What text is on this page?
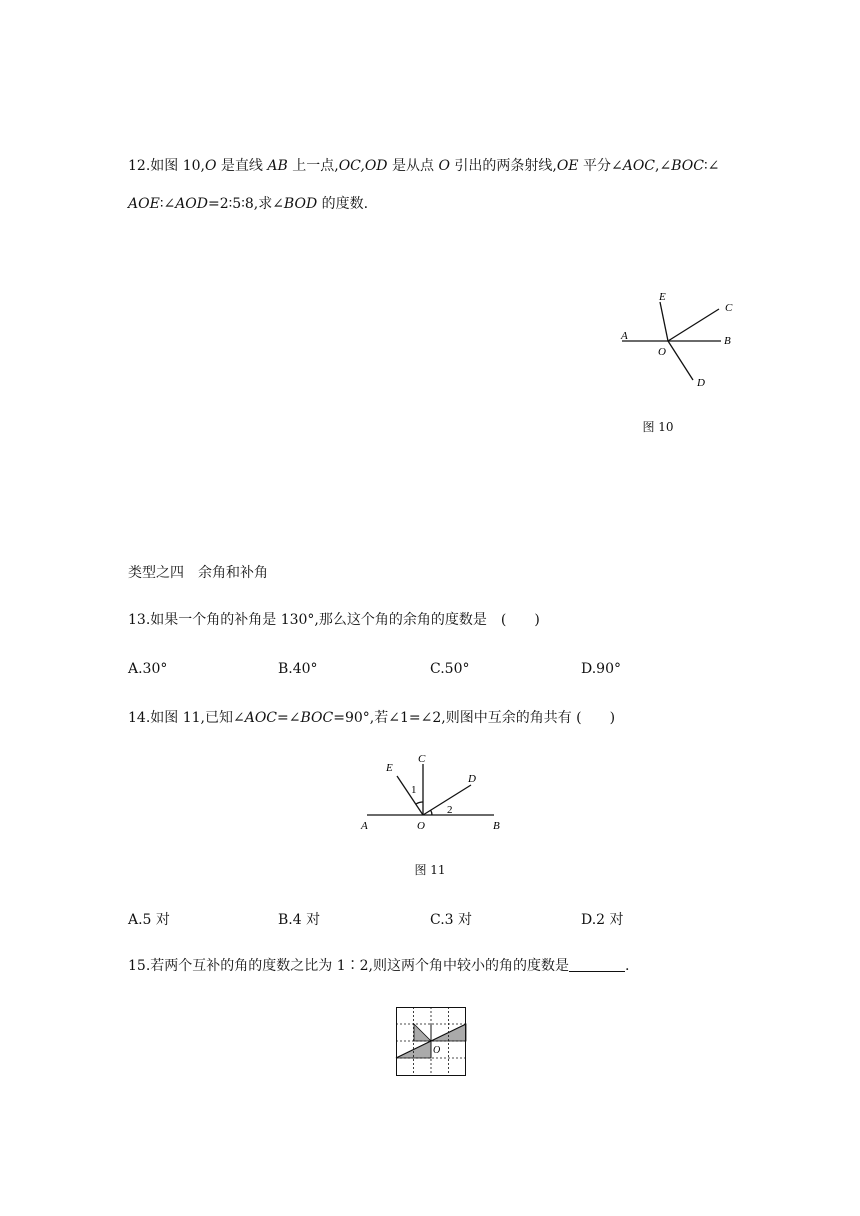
12.如图 10,O 是直线 AB 上一点,OC,OD 是从点 O 引出的两条射线,OE 平分∠AOC,∠BOC∶∠
AOE∶∠AOD=2∶5∶8,求∠BOD 的度数.
A	B
C
D
E
O
图 10
类型之四　余角和补角
13.如果一个角的补角是 130°,那么这个角的余角的度数是　(　　)
A.30°	B.40°	C.50°	D.90°
14.如图 11,已知∠AOC=∠BOC=90°,若∠1=∠2,则图中互余的角共有 (　　)
A	B
C
D
E
O
1
2
图 11
A.5 对	B.4 对	C.3 对	D.2 对
15.若两个互补的角的度数之比为 1∶2,则这两个角中较小的角的度数是	.
O
